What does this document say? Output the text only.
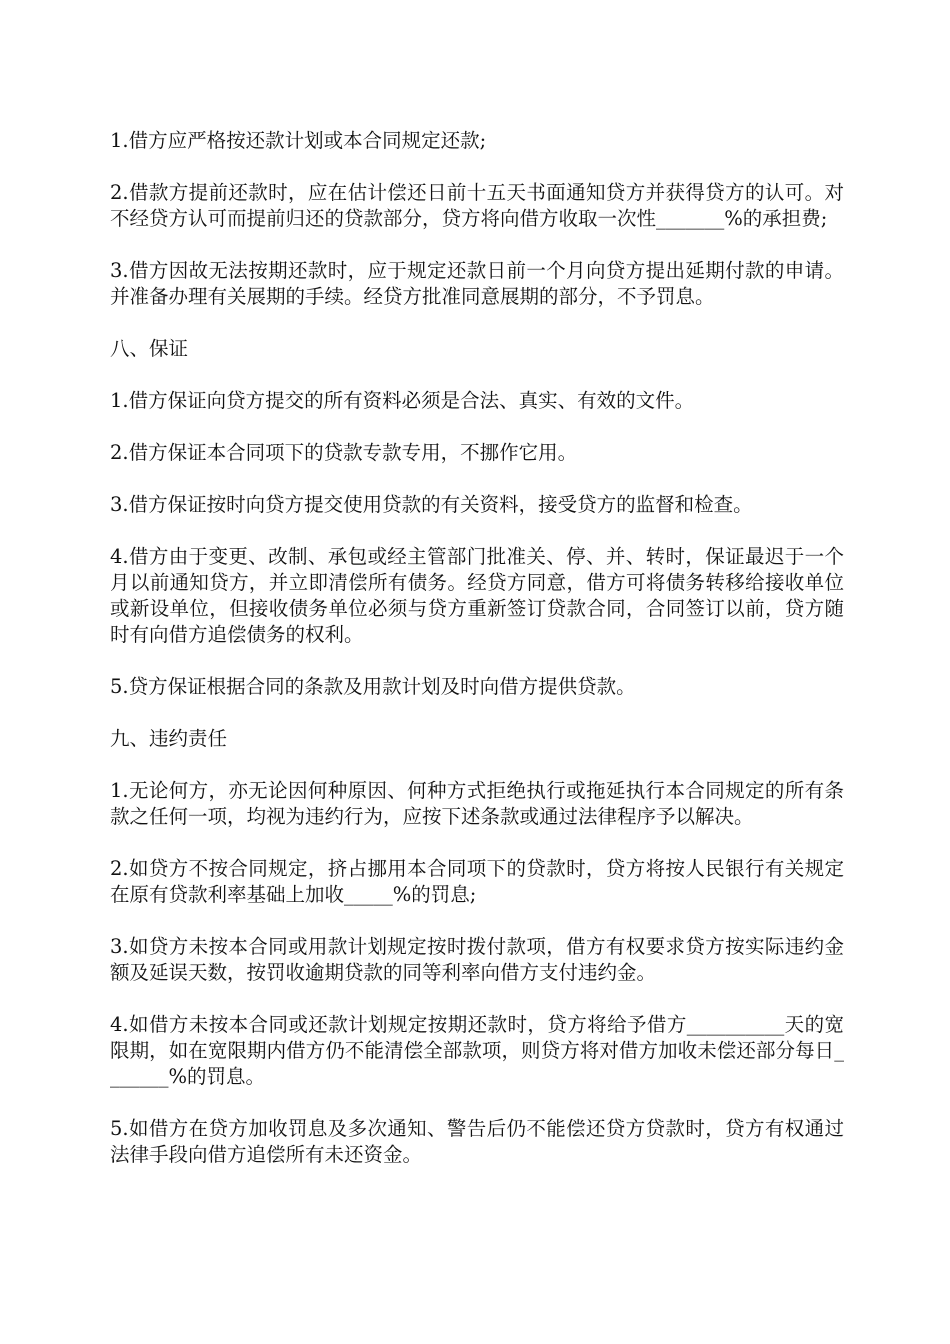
1.借方应严格按还款计划或本合同规定还款;

2.借款方提前还款时，应在估计偿还日前十五天书面通知贷方并获得贷方的认可。对不经贷方认可而提前归还的贷款部分，贷方将向借方收取一次性_______%的承担费;

3.借方因故无法按期还款时，应于规定还款日前一个月向贷方提出延期付款的申请。并准备办理有关展期的手续。经贷方批准同意展期的部分，不予罚息。

八、保证

1.借方保证向贷方提交的所有资料必须是合法、真实、有效的文件。

2.借方保证本合同项下的贷款专款专用，不挪作它用。

3.借方保证按时向贷方提交使用贷款的有关资料，接受贷方的监督和检查。

4.借方由于变更、改制、承包或经主管部门批准关、停、并、转时，保证最迟于一个月以前通知贷方，并立即清偿所有债务。经贷方同意，借方可将债务转移给接收单位或新设单位，但接收债务单位必须与贷方重新签订贷款合同，合同签订以前，贷方随时有向借方追偿债务的权利。

5.贷方保证根据合同的条款及用款计划及时向借方提供贷款。

九、违约责任

1.无论何方，亦无论因何种原因、何种方式拒绝执行或拖延执行本合同规定的所有条款之任何一项，均视为违约行为，应按下述条款或通过法律程序予以解决。

2.如贷方不按合同规定，挤占挪用本合同项下的贷款时，贷方将按人民银行有关规定在原有贷款利率基础上加收_____%的罚息;

3.如贷方未按本合同或用款计划规定按时拨付款项，借方有权要求贷方按实际违约金额及延误天数，按罚收逾期贷款的同等利率向借方支付违约金。

4.如借方未按本合同或还款计划规定按期还款时，贷方将给予借方__________天的宽限期，如在宽限期内借方仍不能清偿全部款项，则贷方将对借方加收未偿还部分每日_______%的罚息。

5.如借方在贷方加收罚息及多次通知、警告后仍不能偿还贷方贷款时，贷方有权通过法律手段向借方追偿所有未还资金。
